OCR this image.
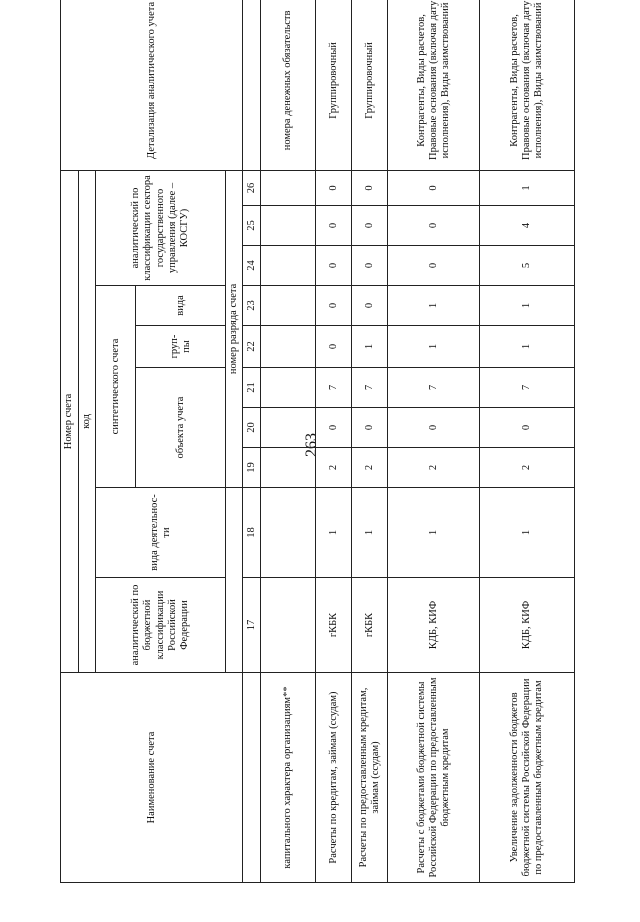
263
Наименование счета	Номер счета										Детализация аналитического учета
	код										
	аналитический по бюджетной классификации Российской Федерации	вида деятельнос-ти	синтетического счета					аналитический по классификации сектора государственного управления (далее – КОСГУ)			
			объекта учета			груп-пы	вида				
			номер разряда счета								
	17	18	19	20	21	22	23	24	25	26	
капитального характера организациям**											номера денежных обязательств
Расчеты по кредитам, займам (ссудам)	гКБК	1	2	0	7	0	0	0	0	0	Группировочный
Расчеты по предоставленным кредитам, займам (ссудам)	гКБК	1	2	0	7	1	0	0	0	0	Группировочный
Расчеты с бюджетами бюджетной системы Российской Федерации по предоставленным бюджетным кредитам	КДБ, КИФ	1	2	0	7	1	1	0	0	0	Контрагенты, Виды расчетов, Правовые основания (включая дату исполнения), Виды заимствований
Увеличение задолженности бюджетов бюджетной системы Российской Федерации по предоставленным бюджетным кредитам	КДБ, КИФ	1	2	0	7	1	1	5	4	1	Контрагенты, Виды расчетов, Правовые основания (включая дату исполнения), Виды заимствований
